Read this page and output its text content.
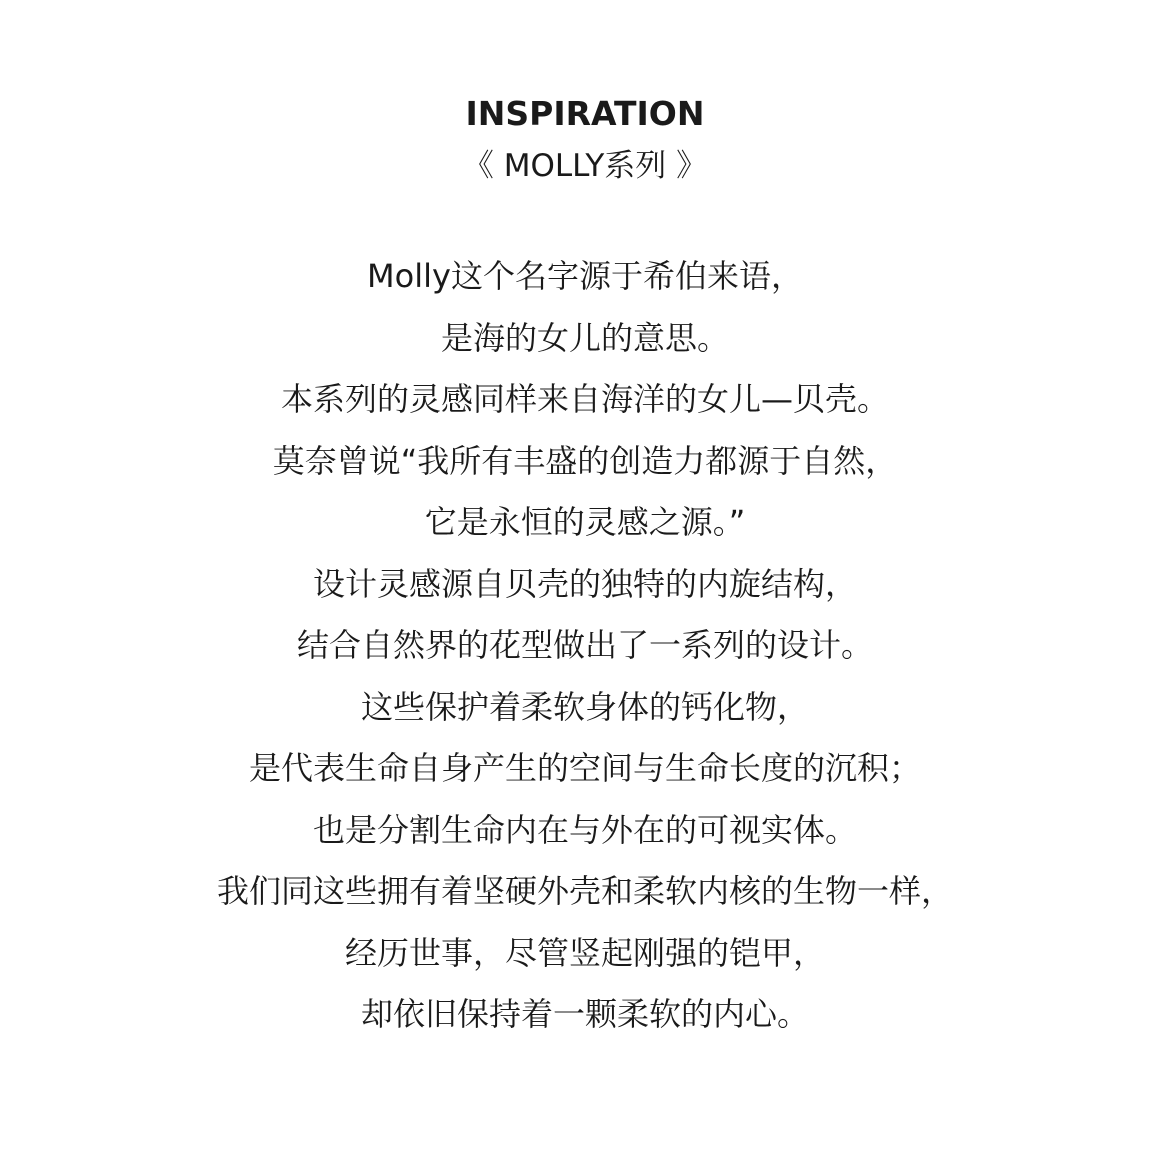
INSPIRATION
《 MOLLY系列 》
Molly这个名字源于希伯来语，
是海的女儿的意思。
本系列的灵感同样来自海洋的女儿—贝壳。
莫奈曾说“我所有丰盛的创造力都源于自然，
它是永恒的灵感之源。”
设计灵感源自贝壳的独特的内旋结构，
结合自然界的花型做出了一系列的设计。
这些保护着柔软身体的钙化物，
是代表生命自身产生的空间与生命长度的沉积；
也是分割生命内在与外在的可视实体。
我们同这些拥有着坚硬外壳和柔软内核的生物一样，
经历世事，尽管竖起刚强的铠甲，
却依旧保持着一颗柔软的内心。
